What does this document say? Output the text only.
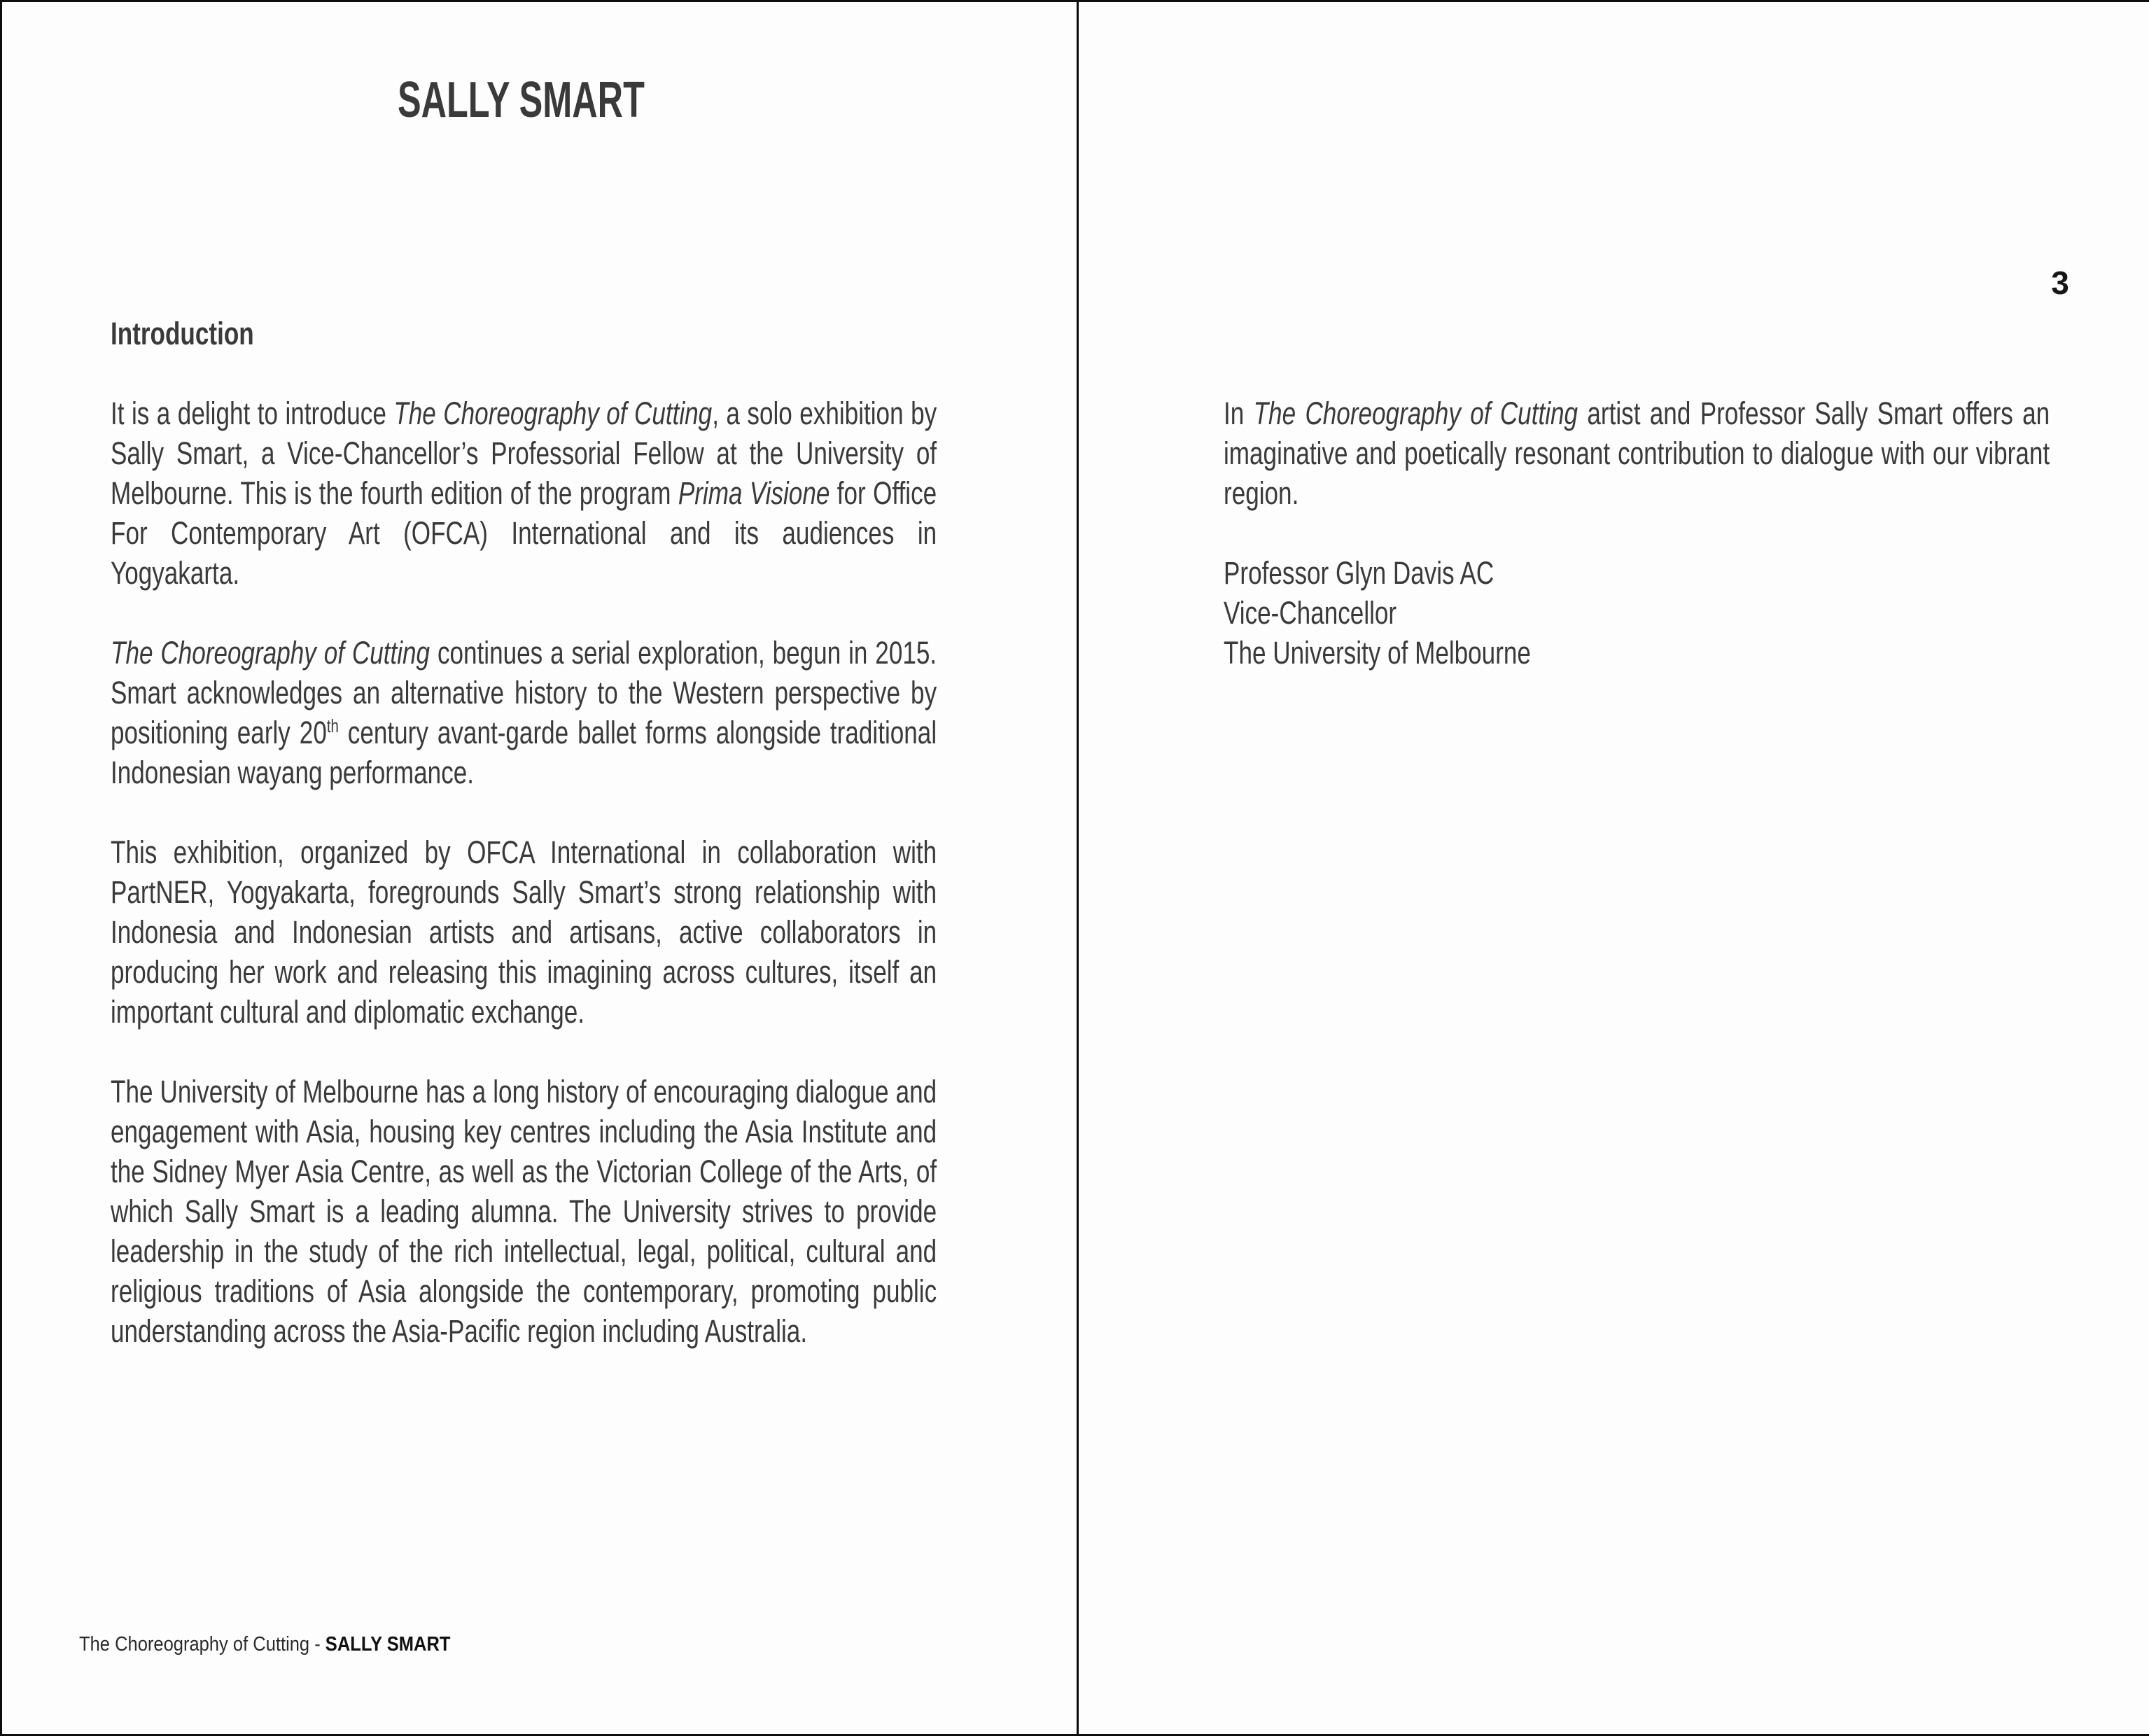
SALLY SMART
Introduction

It is a delight to introduce The Choreography of Cutting, a solo exhibition by Sally Smart, a Vice-Chancellor’s Professorial Fellow at the University of Melbourne. This is the fourth edition of the program Prima Visione for Office For Contemporary Art (OFCA) International and its audiences in Yogyakarta.

The Choreography of Cutting continues a serial exploration, begun in 2015. Smart acknowledges an alternative history to the Western perspective by positioning early 20th century avant-garde ballet forms alongside traditional Indonesian wayang performance.

This exhibition, organized by OFCA International in collaboration with PartNER, Yogyakarta, foregrounds Sally Smart’s strong relationship with Indonesia and Indonesian artists and artisans, active collaborators in producing her work and releasing this imagining across cultures, itself an important cultural and diplomatic exchange.

The University of Melbourne has a long history of encouraging dialogue and engagement with Asia, housing key centres including the Asia Institute and the Sidney Myer Asia Centre, as well as the Victorian College of the Arts, of which Sally Smart is a leading alumna. The University strives to provide leadership in the study of the rich intellectual, legal, political, cultural and religious traditions of Asia alongside the contemporary, promoting public understanding across the Asia-Pacific region including Australia.

The Choreography of Cutting - SALLY SMART
3

In The Choreography of Cutting artist and Professor Sally Smart offers an imaginative and poetically resonant contribution to dialogue with our vibrant region.

Professor Glyn Davis AC
Vice-Chancellor
The University of Melbourne
